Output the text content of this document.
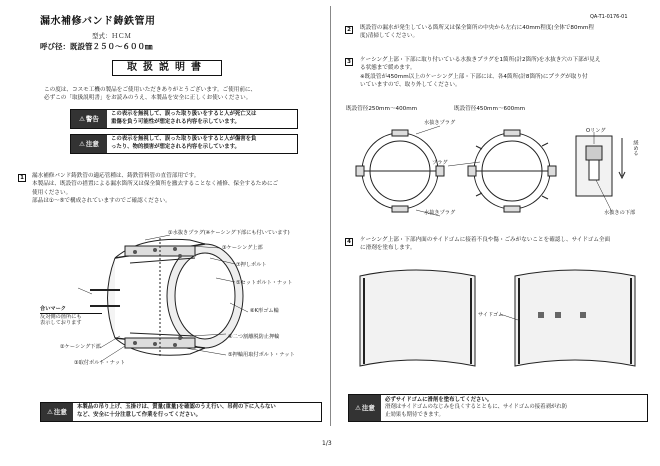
QA-T1-0176-01
漏水補修バンド鋳鉄管用
型式：ＨＣＭ
呼び径：既設管２５０～６００㎜
取扱説明書
この度は、コスモ工機の製品をご使用いただきありがとうございます。ご使用前に、
必ずこの「取扱説明書」をお読みのうえ、本製品を安全に正しくお使いください。
⚠ 警告
この表示を無視して、誤った取り扱いをすると人が死亡又は
重傷を負う可能性が想定される内容を示しています。
⚠ 注意
この表示を無視して、誤った取り扱いをすると人が傷害を負
ったり、物的損害が想定される内容を示しています。
1	漏水補修バンド鋳鉄管の適応管種は、鋳鉄管料管の直管部用です。
本製品は、既設管の措置による漏水箇所又は保全箇所を撤去することなく補修、保全するためにご
使用ください。
部品は①～⑤で構成されていますのでご確認ください。
①水抜きプラグ(※ケーシング下部にも付いています)
③ケーシング上部
⑦押しボルト
⑤セットボルト・ナット
⑥K形ゴム輪
④二つ割離脱防止押輪
⑤押輪用取付ボルト・ナット
②ケーシング下部
③取付ボルト・ナット
合いマーク
反対側の箇所にも
表示しております
⚠ 注意
本製品の吊り上げ、玉掛けは、質量(重量)を確認のうえ行い、吊荷の下に入らない
など、安全に十分注意して作業を行ってください。
2	既設管の漏水が発生している箇所又は保全箇所の中央から左右に40mm程度(全体で80mm程
度)清掃してください。
3	ケーシング上部・下部に取り付いている水抜きプラグを1箇所(計2箇所)を水抜き穴の下部が見え
る状態まで緩めます。
※既設管が450mm以上のケーシング上部・下部には、各4箇所(計8箇所)にプラグが取り付
いていますので、取り外してください。
既設管径250mm～400mm	既設管径450mm～600mm
水抜きプラグ
プラグ
水抜きプラグ
Oリング
緩める
水抜きの下部
4	ケーシング上部・下部内面のサイドゴムに接着不良や傷・ごみがないことを確認し、サイドゴム全面
に滑剤を塗布します。
サイドゴム
⚠ 注意
必ずサイドゴムに滑剤を塗布してください。
滑剤はサイドゴムのなじみを良くするとともに、サイドゴムの接着剥がれ防
止効果も期待できます。
1/3
